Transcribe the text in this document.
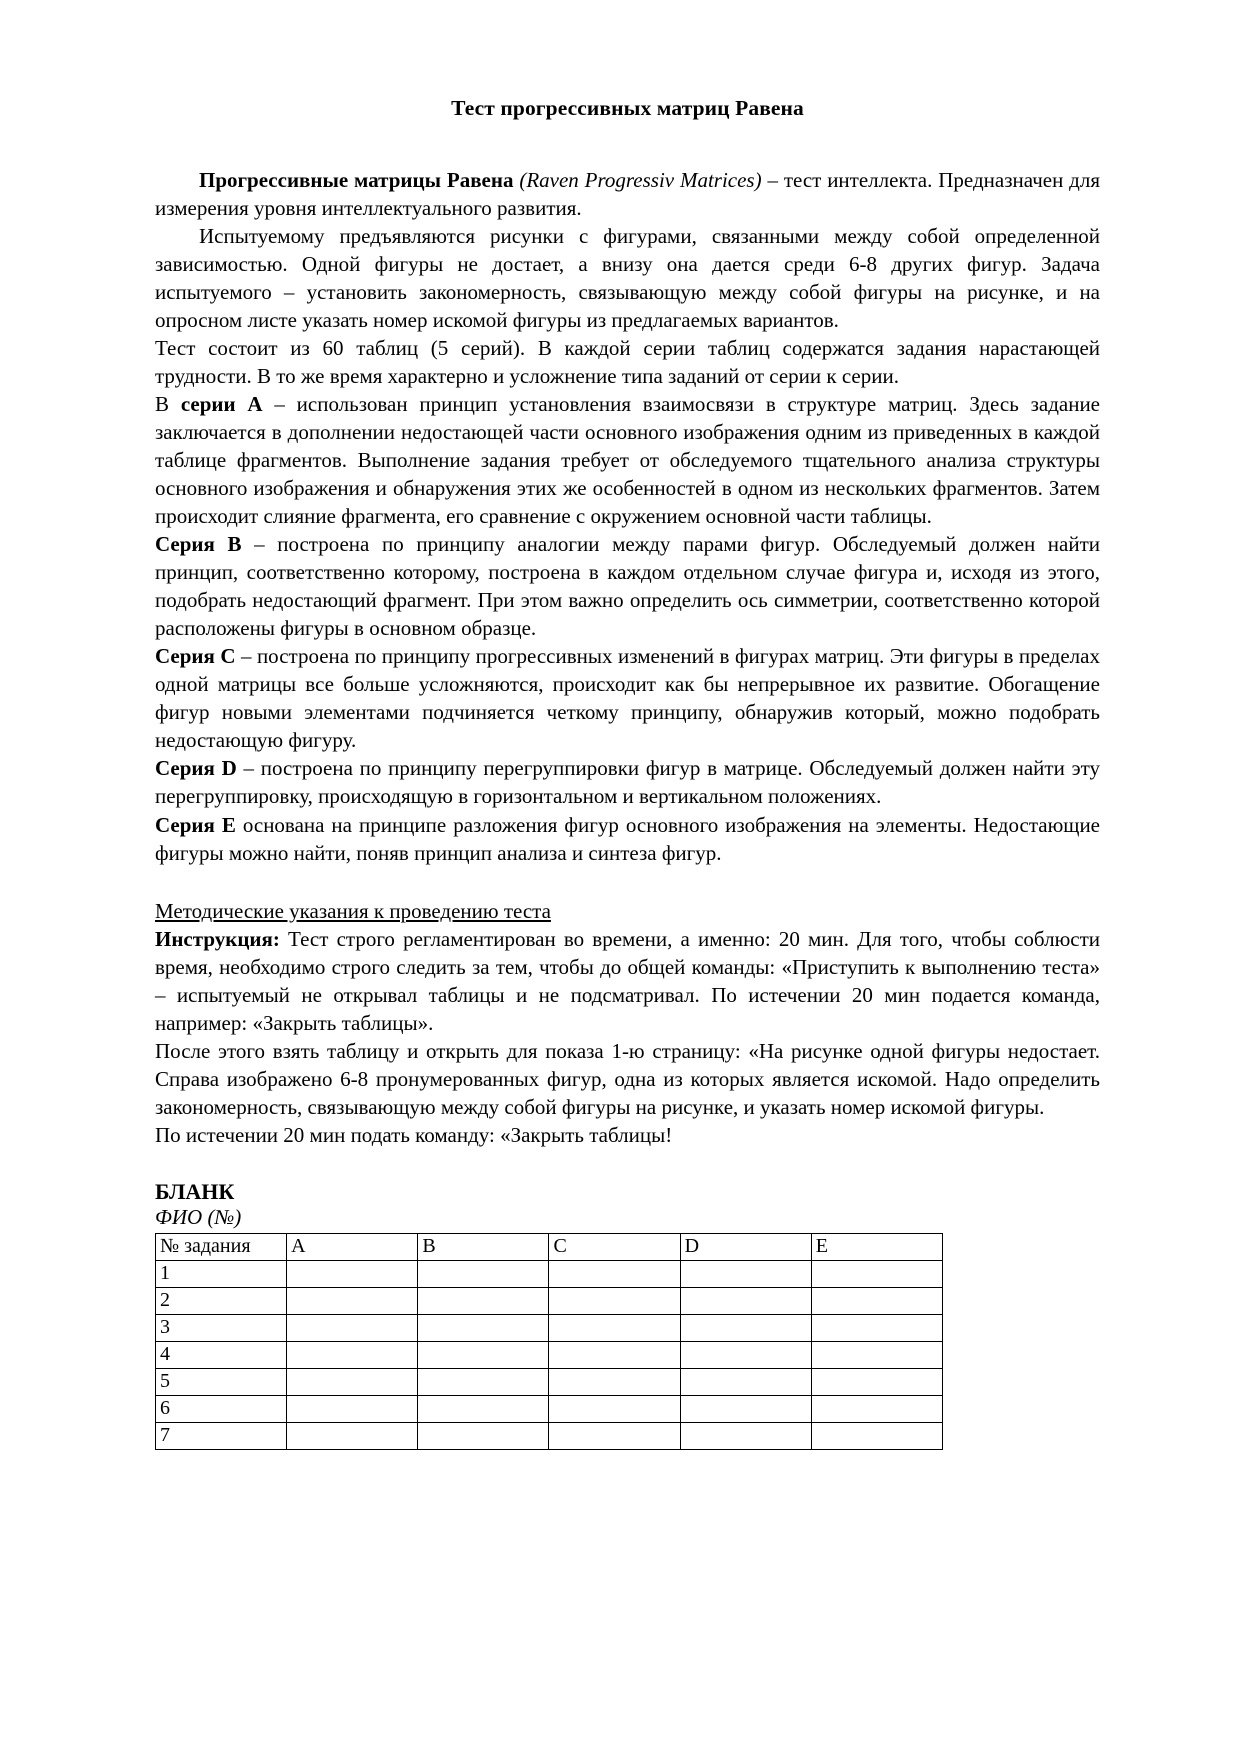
Тест прогрессивных матриц Равена

Прогрессивные матрицы Равена (Raven Progressiv Matrices) – тест интеллекта. Предназначен для измерения уровня интеллектуального развития.

Испытуемому предъявляются рисунки с фигурами, связанными между собой определенной зависимостью. Одной фигуры не достает, а внизу она дается среди 6-8 других фигур. Задача испытуемого – установить закономерность, связывающую между собой фигуры на рисунке, и на опросном листе указать номер искомой фигуры из предлагаемых вариантов.

Тест состоит из 60 таблиц (5 серий). В каждой серии таблиц содержатся задания нарастающей трудности. В то же время характерно и усложнение типа заданий от серии к серии.

В серии А – использован принцип установления взаимосвязи в структуре матриц. Здесь задание заключается в дополнении недостающей части основного изображения одним из приведенных в каждой таблице фрагментов. Выполнение задания требует от обследуемого тщательного анализа структуры основного изображения и обнаружения этих же особенностей в одном из нескольких фрагментов. Затем происходит слияние фрагмента, его сравнение с окружением основной части таблицы.

Серия В – построена по принципу аналогии между парами фигур. Обследуемый должен найти принцип, соответственно которому, построена в каждом отдельном случае фигура и, исходя из этого, подобрать недостающий фрагмент. При этом важно определить ось симметрии, соответственно которой расположены фигуры в основном образце.

Серия С – построена по принципу прогрессивных изменений в фигурах матриц. Эти фигуры в пределах одной матрицы все больше усложняются, происходит как бы непрерывное их развитие. Обогащение фигур новыми элементами подчиняется четкому принципу, обнаружив который, можно подобрать недостающую фигуру.

Серия D – построена по принципу перегруппировки фигур в матрице. Обследуемый должен найти эту перегруппировку, происходящую в горизонтальном и вертикальном положениях.

Серия Е основана на принципе разложения фигур основного изображения на элементы. Недостающие фигуры можно найти, поняв принцип анализа и синтеза фигур.

Методические указания к проведению теста

Инструкция: Тест строго регламентирован во времени, а именно: 20 мин. Для того, чтобы соблюсти время, необходимо строго следить за тем, чтобы до общей команды: «Приступить к выполнению теста» – испытуемый не открывал таблицы и не подсматривал. По истечении 20 мин подается команда, например: «Закрыть таблицы».

После этого взять таблицу и открыть для показа 1-ю страницу: «На рисунке одной фигуры недостает. Справа изображено 6-8 пронумерованных фигур, одна из которых является искомой. Надо определить закономерность, связывающую между собой фигуры на рисунке, и указать номер искомой фигуры.

По истечении 20 мин подать команду: «Закрыть таблицы!

БЛАНК

ФИО (№)

№ задания	A	B	C	D	E
1					
2					
3					
4					
5					
6					
7					
